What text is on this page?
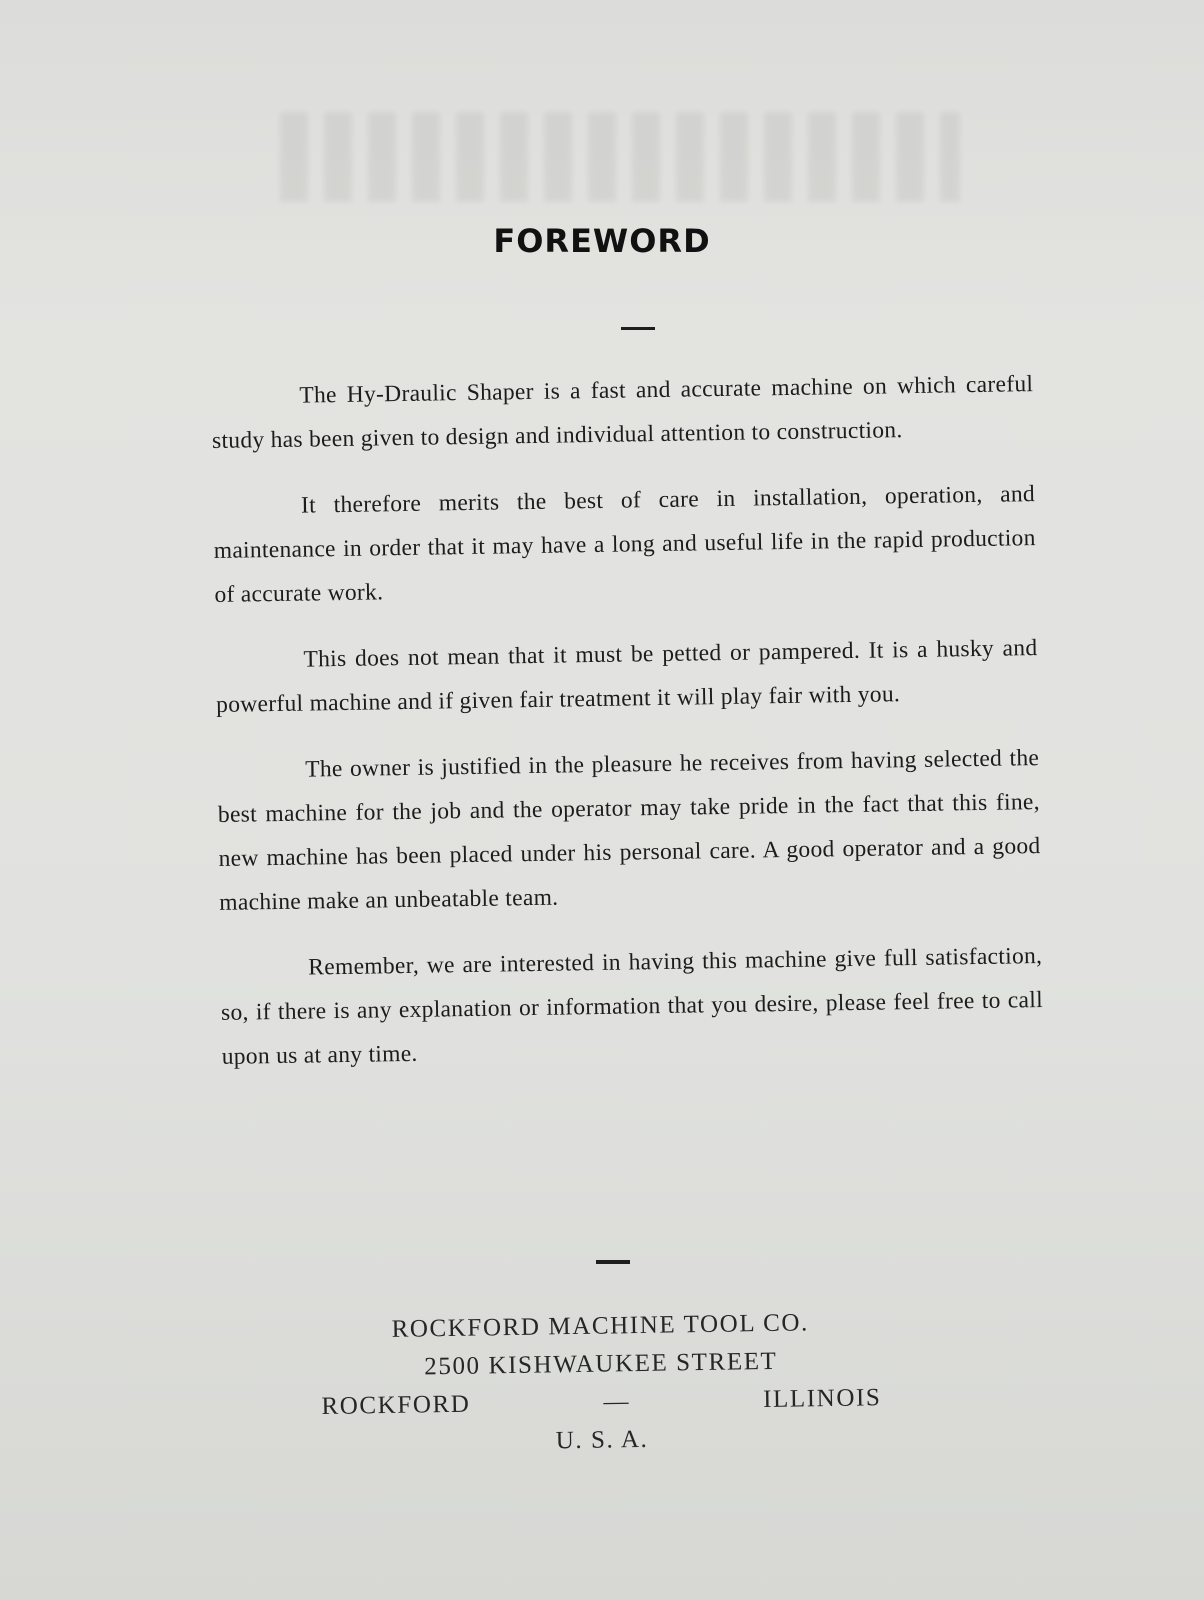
FOREWORD

The Hy-Draulic Shaper is a fast and accurate machine on which careful study has been given to design and individual attention to construction.

It therefore merits the best of care in installation, operation, and maintenance in order that it may have a long and useful life in the rapid production of accurate work.

This does not mean that it must be petted or pampered. It is a husky and powerful machine and if given fair treatment it will play fair with you.

The owner is justified in the pleasure he receives from having selected the best machine for the job and the operator may take pride in the fact that this fine, new machine has been placed under his personal care. A good operator and a good machine make an unbeatable team.

Remember, we are interested in having this machine give full satisfaction, so, if there is any explanation or information that you desire, please feel free to call upon us at any time.

ROCKFORD MACHINE TOOL CO.
2500 KISHWAUKEE STREET
ROCKFORD	—	ILLINOIS
U. S. A.
